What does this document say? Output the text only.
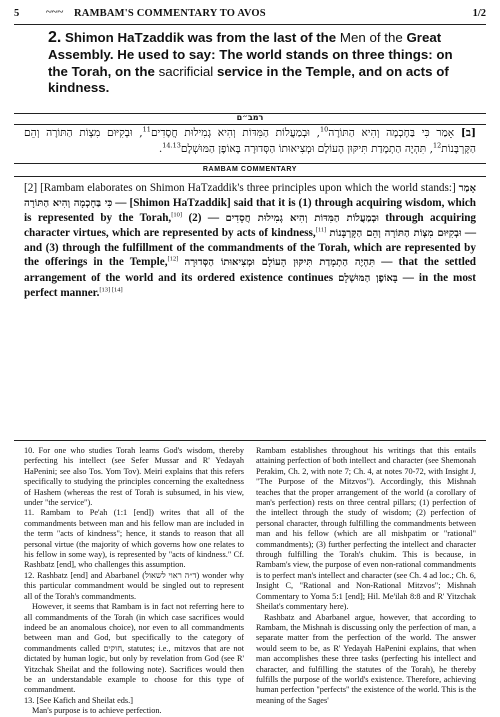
5 ~~~ RAMBAM'S COMMENTARY TO AVOS	1/2
2. Shimon HaTzaddik was from the last of the Men of the Great Assembly. He used to say: The world stands on three things: on the Torah, on the sacrificial service in the Temple, and on acts of kindness.
רמב״ם
[ב] אָמַר כִּי בַּחָכְמָה וְהִיא הַתּוֹרָה$^{10}$, וּבְמַעֲלוֹת הַמִּדּוֹת וְהִיא גְמִילוּת חֲסָדִים$^{11}$, וּבְקִיּוּם מִצְוֹת הַתּוֹרָה וְהֵם הַקָּרְבָּנוֹת$^{12}$, תִּהְיֶה הַתְמָדַת תִּיקּוּן הָעוֹלָם וּמְצִיאוּתוֹ הַסְּדוּרָה בָּאוֹפֶן הַמּוּשְׁלָם$^{14.13}$.
RAMBAM COMMENTARY
[2] [Rambam elaborates on Shimon HaTzaddik's three principles upon which the world stands:] אָמַר כִּי בַּחָכְמָה וְהִיא הַתּוֹרָה — [Shimon HaTzaddik] said that it is (1) through acquiring wisdom, which is represented by the Torah,[10]	וּבְמַעֲלוֹת הַמִּדּוֹת וְהִיא גְמִילוּת חֲסָדִים — (2) through acquiring character virtues, which are represented by acts of kindness,[11] וּבְקִיּוּם מִצְוֹת הַתּוֹרָה וְהֵם הַקָּרְבָּנוֹת — and (3) through the fulfillment of the commandments of the Torah, which are represented by the offerings in the Temple,[12] תִּהְיֶה הַתְמָדַת תִּיקּוּן הָעוֹלָם וּמְצִיאוּתוֹ הַסְּדוּרָה — that the settled arrangement of the world and its ordered existence continues בָּאוֹפֶן הַמּוּשְׁלָם — in the most perfect manner.[13] [14]

10. For one who studies Torah learns God's wisdom, thereby perfecting his intellect (see Sefer Mussar and R' Yedayah HaPenini; see also Tos. Yom Tov). Meiri explains that this refers specifically to studying the principles concerning the exaltedness of Hashem (whereas the rest of Torah is subsumed, in his view, under "the service").

11. Rambam to Pe'ah (1:1 [end]) writes that all of the commandments between man and his fellow man are included in the term "acts of kindness"; hence, it stands to reason that all personal virtue (the majority of which governs how one relates to his fellow in some way), is represented by "acts of kindness." Cf. Rashbatz [end], who challenges this assumption.

12. Rashbatz [end] and Abarbanel (ד״ה ראוי לשאול) wonder why this particular commandment would be singled out to represent all of the Torah's commandments.

However, it seems that Rambam is in fact not referring here to all commandments of the Torah (in which case sacrifices would indeed be an anomalous choice), nor even to all commandments between man and God, but specifically to the category of commandments called חוקים, statutes; i.e., mitzvos that are not dictated by human logic, but only by revelation from God (see R' Yitzchak Sheilat and the following note). Sacrifices would then be an understandable example to choose for this type of commandment.

13. [See Kafich and Sheilat eds.]

Man's purpose is to achieve perfection.

Rambam establishes throughout his writings that this entails attaining perfection of both intellect and character (see Shemonah Perakim, Ch. 2, with note 7; Ch. 4, at notes 70-72, with Insight J, "The Purpose of the Mitzvos"). Accordingly, this Mishnah teaches that the proper arrangement of the world (a corollary of man's perfection) rests on three central pillars; (1) perfection of the intellect through the study of wisdom; (2) perfection of personal character, through fulfilling the commandments between man and his fellow (which are all mishpatim or "rational" commandments); (3) further perfecting the intellect and character through fulfilling the Torah's chukim. This is because, in Rambam's view, the purpose of even non-rational commandments is to perfect man's intellect and character (see Ch. 4 ad loc.; Ch. 6, Insight C, "Rational and Non-Rational Mitzvos"; Mishnah Commentary to Yoma 5:1 [end]; Hil. Me'ilah 8:8 and R' Yitzchak Sheilat's commentary here).

Rashbatz and Abarbanel argue, however, that according to Rambam, the Mishnah is discussing only the perfection of man, a separate matter from the perfection of the world. The answer would seem to be, as R' Yedayah HaPenini explains, that when man accomplishes these three tasks (perfecting his intellect and character, and fulfilling the statutes of the Torah), he thereby fulfills the purpose of the world's existence. Therefore, achieving human perfection "perfects" the existence of the world. This is the meaning of the Sages'
